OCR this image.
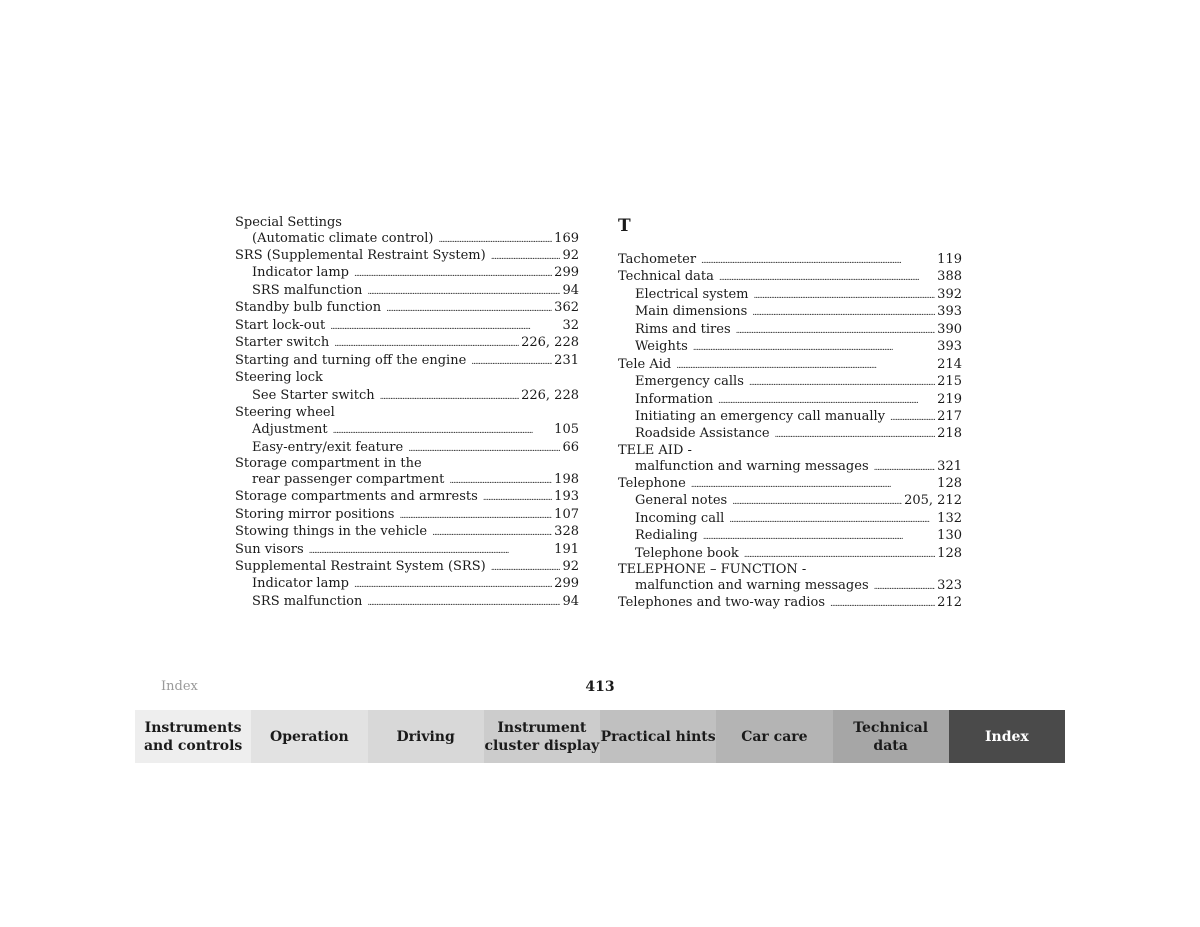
Special Settings
(Automatic climate control) . . .	169
SRS (Supplemental Restraint System) . . .	92
Indicator lamp . . .	299
SRS malfunction . . .	94
Standby bulb function . . .	362
Start lock-out . . .	32
Starter switch . . .	226, 228
Starting and turning off the engine . . .	231
Steering lock
See Starter switch . . .	226, 228
Steering wheel
Adjustment . . .	105
Easy-entry/exit feature . . .	66
Storage compartment in the
rear passenger compartment . . .	198
Storage compartments and armrests . . .	193
Storing mirror positions . . .	107
Stowing things in the vehicle . . .	328
Sun visors . . .	191
Supplemental Restraint System (SRS) . . .	92
Indicator lamp . . .	299
SRS malfunction . . .	94
T
Tachometer . . .	119
Technical data . . .	388
Electrical system . . .	392
Main dimensions . . .	393
Rims and tires . . .	390
Weights . . .	393
Tele Aid . . .	214
Emergency calls . . .	215
Information . . .	219
Initiating an emergency call manually . . .	217
Roadside Assistance . . .	218
TELE AID -
malfunction and warning messages . . .	321
Telephone . . .	128
General notes . . .	205, 212
Incoming call . . .	132
Redialing . . .	130
Telephone book . . .	128
TELEPHONE – FUNCTION -
malfunction and warning messages . . .	323
Telephones and two-way radios . . .	212
Index	413
Instruments
and controls
Operation	Driving
Instrument
cluster display
Practical hints	Car care
Technical
data
Index
